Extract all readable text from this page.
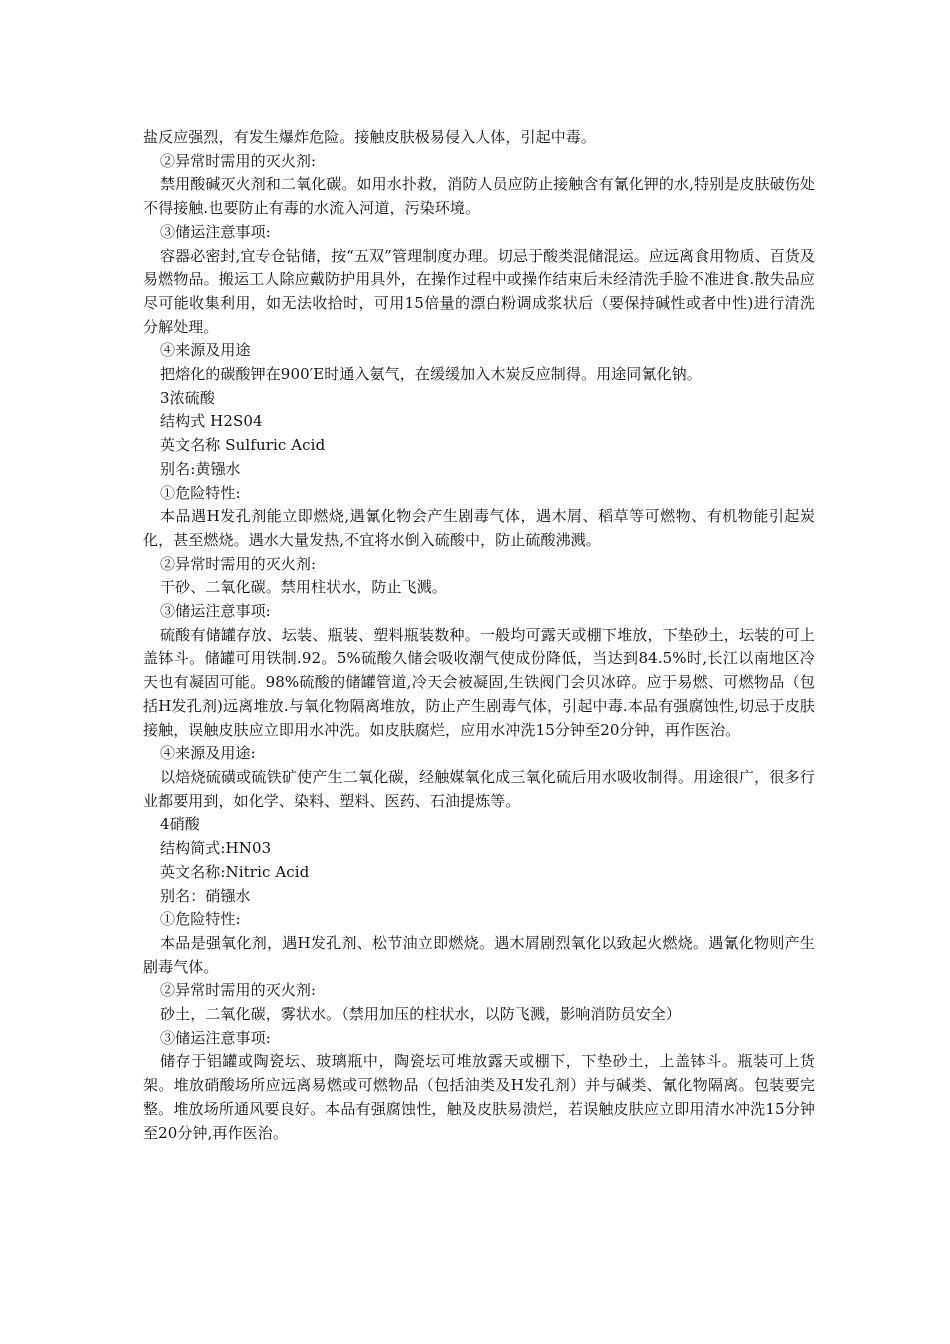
盐反应强烈，有发生爆炸危险。接触皮肤极易侵入人体，引起中毒。

②异常时需用的灭火剂:

禁用酸碱灭火剂和二氧化碳。如用水扑救，消防人员应防止接触含有氰化钾的水,特别是皮肤破伤处不得接触.也要防止有毒的水流入河道，污染环境。

③储运注意事项:

容器必密封,宜专仓钻储，按“五双”管理制度办理。切忌于酸类混储混运。应远离食用物质、百货及易燃物品。搬运工人除应戴防护用具外，在操作过程中或操作结束后未经清洗手脸不准进食.散失品应尽可能收集利用，如无法收拾时，可用15倍量的漂白粉调成浆状后（要保持碱性或者中性)进行清洗分解处理。

④来源及用途

把熔化的碳酸钾在900′E时通入氨气，在缓缓加入木炭反应制得。用途同氰化钠。

3浓硫酸

结构式 H2S04

英文名称 Sulfuric Acid

别名:黄镪水

①危险特性:

本品遇H发孔剂能立即燃烧,遇氰化物会产生剧毒气体，遇木屑、稻草等可燃物、有机物能引起炭化，甚至燃烧。遇水大量发热,不宜将水倒入硫酸中，防止硫酸沸溅。

②异常时需用的灭火剂:

干砂、二氧化碳。禁用柱状水，防止飞溅。

③储运注意事项:

硫酸有储罐存放、坛装、瓶装、塑料瓶装数种。一般均可露天或棚下堆放，下垫砂土，坛装的可上盖钵斗。储罐可用铁制.92。5%硫酸久储会吸收潮气使成份降低，当达到84.5%时,长江以南地区冷天也有凝固可能。98%硫酸的储罐管道,冷天会被凝固,生铁阀门会贝冰碎。应于易燃、可燃物品（包括H发孔剂)远离堆放.与氧化物隔离堆放，防止产生剧毒气体，引起中毒.本品有强腐蚀性,切忌于皮肤接触，误触皮肤应立即用水冲洗。如皮肤腐烂，应用水冲洗15分钟至20分钟，再作医治。

④来源及用途:

以焙烧硫磺或硫铁矿使产生二氧化碳，经触媒氧化成三氧化硫后用水吸收制得。用途很广，很多行业都要用到，如化学、染料、塑料、医药、石油提炼等。

4硝酸

结构简式:HN03

英文名称:Nitric Acid

别名：硝镪水

①危险特性:

本品是强氧化剂，遇H发孔剂、松节油立即燃烧。遇木屑剧烈氧化以致起火燃烧。遇氰化物则产生剧毒气体。

②异常时需用的灭火剂:

砂土，二氧化碳，雾状水。（禁用加压的柱状水，以防飞溅，影响消防员安全）

③储运注意事项:

储存于铝罐或陶瓷坛、玻璃瓶中，陶瓷坛可堆放露天或棚下，下垫砂土，上盖钵斗。瓶装可上货架。堆放硝酸场所应远离易燃或可燃物品（包括油类及H发孔剂）并与碱类、氰化物隔离。包装要完整。堆放场所通风要良好。本品有强腐蚀性，触及皮肤易溃烂，若误触皮肤应立即用清水冲洗15分钟至20分钟,再作医治。
